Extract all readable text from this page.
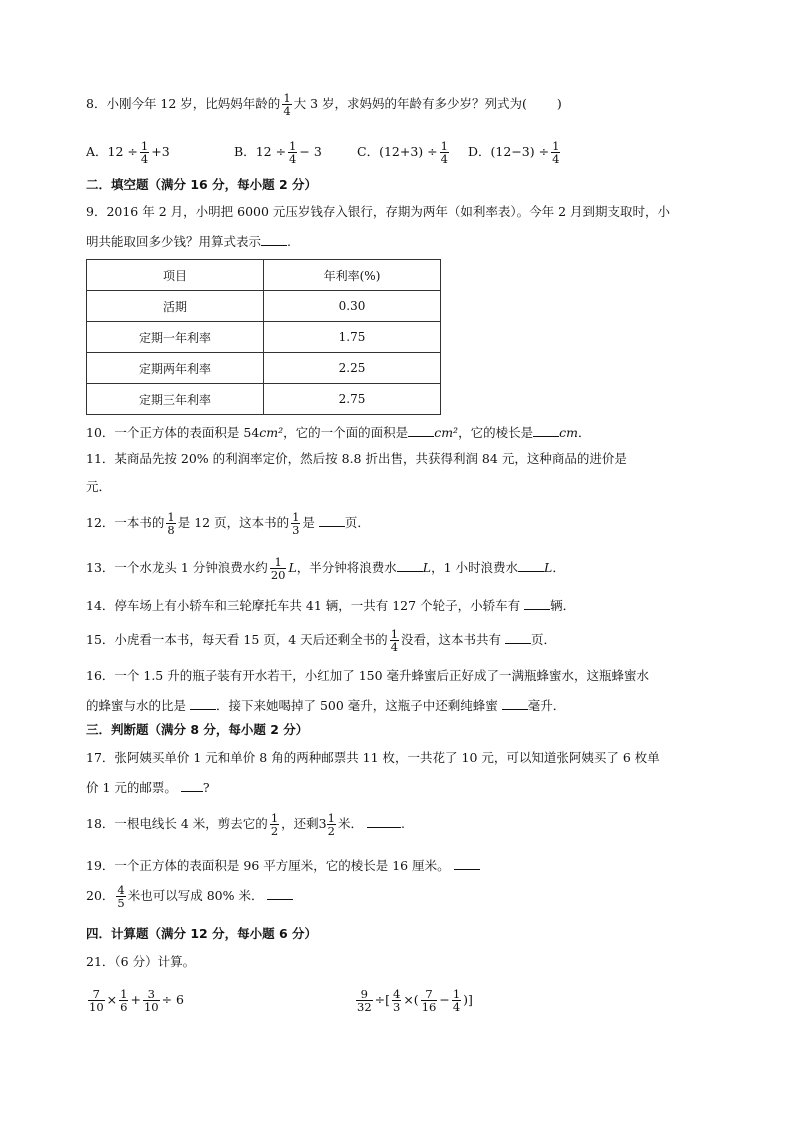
8．小刚今年 12 岁，比妈妈年龄的 $\frac{1}{4}$ 大 3 岁，求妈妈的年龄有多少岁？列式为( )
A．$12 \div \frac{1}{4} +3$	B．$12 \div \frac{1}{4} - 3$	C．$(12+3) \div \frac{1}{4}$ D．$(12-3) \div \frac{1}{4}$
二．填空题（满分 16 分，每小题 2 分）
9．2016 年 2 月，小明把 6000 元压岁钱存入银行，存期为两年（如利率表）。今年 2 月到期支取时，小
明共能取回多少钱？用算式表示 .
项目	年利率(%)
活期	0.30
定期一年利率	1.75
定期两年利率	2.25
定期三年利率	2.75
10．一个正方体的表面积是 54cm²，它的一个面的面积是 cm²，它的棱长是 cm．
11．某商品先按 20% 的利润率定价，然后按 8.8 折出售，共获得利润 84 元，这种商品的进价是
元．
12．一本书的 $\frac{1}{8}$ 是 12 页，这本书的 $\frac{1}{3}$ 是 页．
13．一个水龙头 1 分钟浪费水约 $\frac{1}{20}$ L，半分钟将浪费水 L，1 小时浪费水 L．
14．停车场上有小轿车和三轮摩托车共 41 辆，一共有 127 个轮子，小轿车有 辆．
15．小虎看一本书，每天看 15 页，4 天后还剩全书的 $\frac{1}{4}$ 没看，这本书共有 页．
16．一个 1.5 升的瓶子装有开水若干，小红加了 150 毫升蜂蜜后正好成了一满瓶蜂蜜水，这瓶蜂蜜水
的蜂蜜与水的比是 ．接下来她喝掉了 500 毫升，这瓶子中还剩纯蜂蜜 毫升．
三．判断题（满分 8 分，每小题 2 分）
17．张阿姨买单价 1 元和单价 8 角的两种邮票共 11 枚，一共花了 10 元，可以知道张阿姨买了 6 枚单
价 1 元的邮票。 ?
18．一根电线长 4 米，剪去它的 $\frac{1}{2}$ ，还剩$3 \frac{1}{2}$ 米．	.
19．一个正方体的表面积是 96 平方厘米，它的棱长是 16 厘米。
20． $\frac{4}{5}$ 米也可以写成 80% 米．
四．计算题（满分 12 分，每小题 6 分）
21．（6 分）计算。
$\frac{7}{10} \times \frac{1}{6} + \frac{3}{10} \div 6$	$\frac{9}{32}$ ÷[ $\frac{4}{3}$ ×( $\frac{7}{16} - \frac{1}{4}$ )]
